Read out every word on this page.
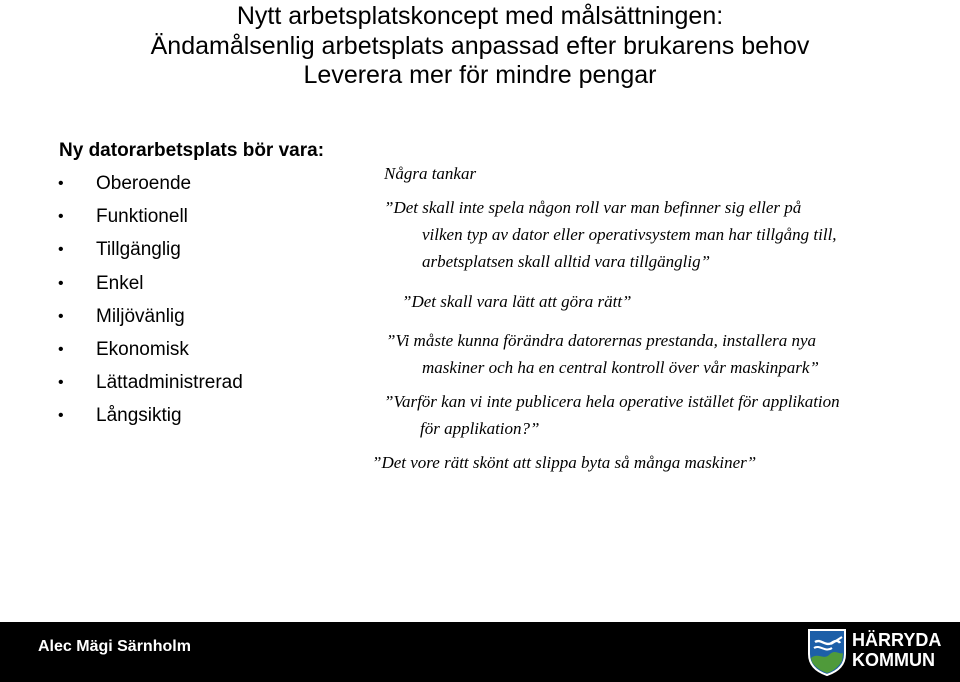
Nytt arbetsplatskoncept med målsättningen:
Ändamålsenlig arbetsplats anpassad efter brukarens behov
Leverera mer för mindre pengar
Ny datorarbetsplats bör vara:
• Oberoende
• Funktionell
• Tillgänglig
• Enkel
• Miljövänlig
• Ekonomisk
• Lättadministrerad
• Långsiktig
Några tankar
”Det skall inte spela någon roll var man befinner sig eller på
vilken typ av dator eller operativsystem man har tillgång till,
arbetsplatsen skall alltid vara tillgänglig”
”Det skall vara lätt att göra rätt”
”Vi måste kunna förändra datorernas prestanda, installera nya
maskiner och ha en central kontroll över vår maskinpark”
”Varför kan vi inte publicera hela operative istället för applikation
för applikation?”
”Det vore rätt skönt att slippa byta så många maskiner”
Alec Mägi Särnholm	HÄRRYDA
KOMMUN
